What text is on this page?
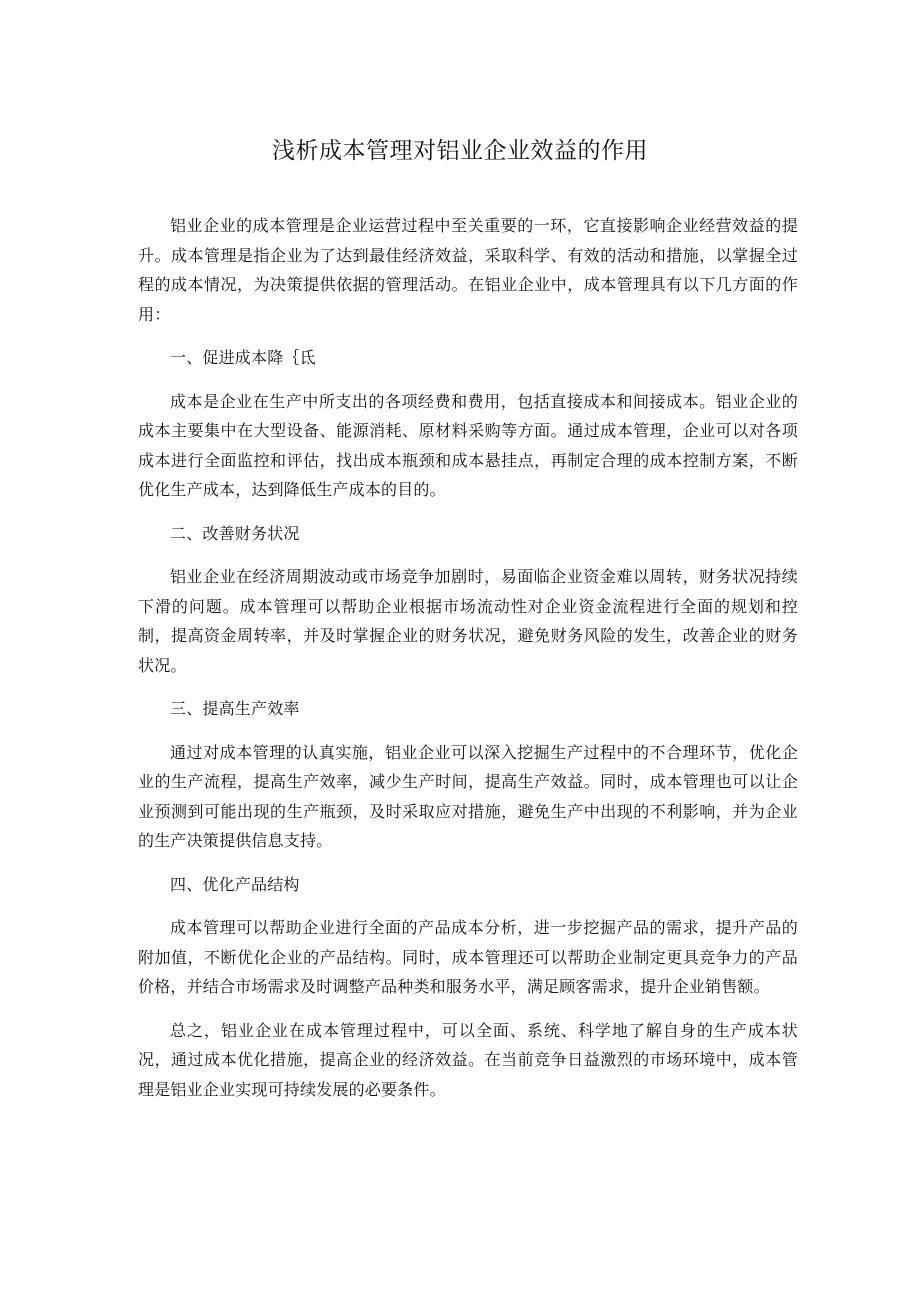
浅析成本管理对铝业企业效益的作用

铝业企业的成本管理是企业运营过程中至关重要的一环，它直接影响企业经营效益的提升。成本管理是指企业为了达到最佳经济效益，采取科学、有效的活动和措施，以掌握全过程的成本情况，为决策提供依据的管理活动。在铝业企业中，成本管理具有以下几方面的作用：

一、促进成本降｛氐

成本是企业在生产中所支出的各项经费和费用，包括直接成本和间接成本。铝业企业的成本主要集中在大型设备、能源消耗、原材料采购等方面。通过成本管理，企业可以对各项成本进行全面监控和评估，找出成本瓶颈和成本悬挂点，再制定合理的成本控制方案，不断优化生产成本，达到降低生产成本的目的。

二、改善财务状况

铝业企业在经济周期波动或市场竞争加剧时，易面临企业资金难以周转，财务状况持续下滑的问题。成本管理可以帮助企业根据市场流动性对企业资金流程进行全面的规划和控制，提高资金周转率，并及时掌握企业的财务状况，避免财务风险的发生，改善企业的财务状况。

三、提高生产效率

通过对成本管理的认真实施，铝业企业可以深入挖掘生产过程中的不合理环节，优化企业的生产流程，提高生产效率，减少生产时间，提高生产效益。同时，成本管理也可以让企业预测到可能出现的生产瓶颈，及时采取应对措施，避免生产中出现的不利影响，并为企业的生产决策提供信息支持。

四、优化产品结构

成本管理可以帮助企业进行全面的产品成本分析，进一步挖掘产品的需求，提升产品的附加值，不断优化企业的产品结构。同时，成本管理还可以帮助企业制定更具竞争力的产品价格，并结合市场需求及时调整产品种类和服务水平，满足顾客需求，提升企业销售额。

总之，铝业企业在成本管理过程中，可以全面、系统、科学地了解自身的生产成本状况，通过成本优化措施，提高企业的经济效益。在当前竞争日益激烈的市场环境中，成本管理是铝业企业实现可持续发展的必要条件。
